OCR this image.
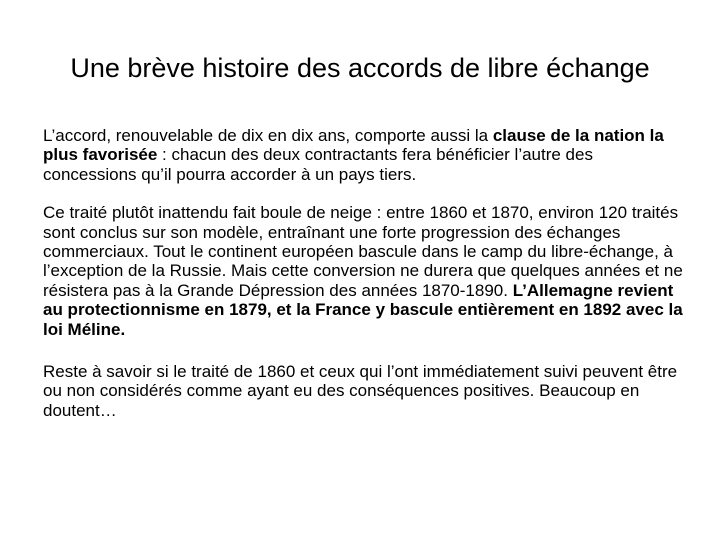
Une brève histoire des accords de libre échange

L’accord, renouvelable de dix en dix ans, comporte aussi la clause de la nation la plus favorisée : chacun des deux contractants fera bénéficier l’autre des concessions qu’il pourra accorder à un pays tiers.

Ce traité plutôt inattendu fait boule de neige : entre 1860 et 1870, environ 120 traités sont conclus sur son modèle, entraînant une forte progression des échanges commerciaux. Tout le continent européen bascule dans le camp du libre-échange, à l’exception de la Russie. Mais cette conversion ne durera que quelques années et ne résistera pas à la Grande Dépression des années 1870-1890. L’Allemagne revient au protectionnisme en 1879, et la France y bascule entièrement en 1892 avec la loi Méline.

Reste à savoir si le traité de 1860 et ceux qui l’ont immédiatement suivi peuvent être ou non considérés comme ayant eu des conséquences positives. Beaucoup en doutent…
